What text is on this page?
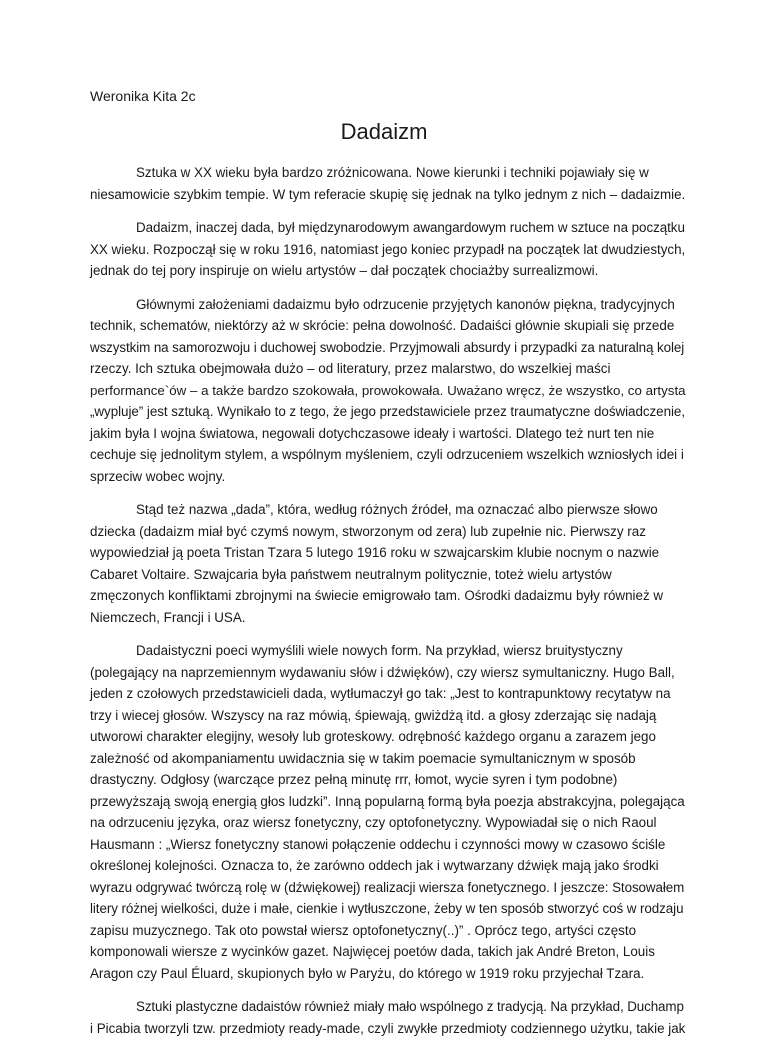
Weronika Kita 2c
Dadaizm
Sztuka w XX wieku była bardzo zróżnicowana. Nowe kierunki i techniki pojawiały się w
niesamowicie szybkim tempie. W tym referacie skupię się jednak na tylko jednym z nich – dadaizmie.
Dadaizm, inaczej dada, był międzynarodowym awangardowym ruchem w sztuce na początku
XX wieku. Rozpoczął się w roku 1916, natomiast jego koniec przypadł na początek lat dwudziestych,
jednak do tej pory inspiruje on wielu artystów – dał początek chociażby surrealizmowi.
Głównymi założeniami dadaizmu było odrzucenie przyjętych kanonów piękna, tradycyjnych
technik, schematów, niektórzy aż w skrócie: pełna dowolność. Dadaiści głównie skupiali się przede
wszystkim na samorozwoju i duchowej swobodzie. Przyjmowali absurdy i przypadki za naturalną kolej
rzeczy. Ich sztuka obejmowała dużo – od literatury, przez malarstwo, do wszelkiej maści
performance`ów – a także bardzo szokowała, prowokowała. Uważano wręcz, że wszystko, co artysta
„wypluje” jest sztuką. Wynikało to z tego, że jego przedstawiciele przez traumatyczne doświadczenie,
jakim była I wojna światowa, negowali dotychczasowe ideały i wartości. Dlatego też nurt ten nie
cechuje się jednolitym stylem, a wspólnym myśleniem, czyli odrzuceniem wszelkich wzniosłych idei i
sprzeciw wobec wojny.
Stąd też nazwa „dada”, która, według różnych źródeł, ma oznaczać albo pierwsze słowo
dziecka (dadaizm miał być czymś nowym, stworzonym od zera) lub zupełnie nic. Pierwszy raz
wypowiedział ją poeta Tristan Tzara 5 lutego 1916 roku w szwajcarskim klubie nocnym o nazwie
Cabaret Voltaire. Szwajcaria była państwem neutralnym politycznie, toteż wielu artystów
zmęczonych konfliktami zbrojnymi na świecie emigrowało tam. Ośrodki dadaizmu były również w
Niemczech, Francji i USA.
Dadaistyczni poeci wymyślili wiele nowych form. Na przykład, wiersz bruitystyczny
(polegający na naprzemiennym wydawaniu słów i dźwięków), czy wiersz symultaniczny. Hugo Ball,
jeden z czołowych przedstawicieli dada, wytłumaczył go tak: „Jest to kontrapunktowy recytatyw na
trzy i wiecej głosów. Wszyscy na raz mówią, śpiewają, gwiżdżą itd. a głosy zderzając się nadają
utworowi charakter elegijny, wesoły lub groteskowy. odrębność każdego organu a zarazem jego
zależność od akompaniamentu uwidacznia się w takim poemacie symultanicznym w sposób
drastyczny. Odgłosy (warczące przez pełną minutę rrr, łomot, wycie syren i tym podobne)
przewyższają swoją energią głos ludzki”. Inną popularną formą była poezja abstrakcyjna, polegająca
na odrzuceniu języka, oraz wiersz fonetyczny, czy optofonetyczny. Wypowiadał się o nich Raoul
Hausmann : „Wiersz fonetyczny stanowi połączenie oddechu i czynności mowy w czasowo ściśle
określonej kolejności. Oznacza to, że zarówno oddech jak i wytwarzany dźwięk mają jako środki
wyrazu odgrywać twórczą rolę w (dźwiękowej) realizacji wiersza fonetycznego. I jeszcze: Stosowałem
litery różnej wielkości, duże i małe, cienkie i wytłuszczone, żeby w ten sposób stworzyć coś w rodzaju
zapisu muzycznego. Tak oto powstał wiersz optofonetyczny(..)” . Oprócz tego, artyści często
komponowali wiersze z wycinków gazet. Najwięcej poetów dada, takich jak André Breton, Louis
Aragon czy Paul Éluard, skupionych było w Paryżu, do którego w 1919 roku przyjechał Tzara.
Sztuki plastyczne dadaistów również miały mało wspólnego z tradycją. Na przykład, Duchamp
i Picabia tworzyli tzw. przedmioty ready-made, czyli zwykłe przedmioty codziennego użytku, takie jak
